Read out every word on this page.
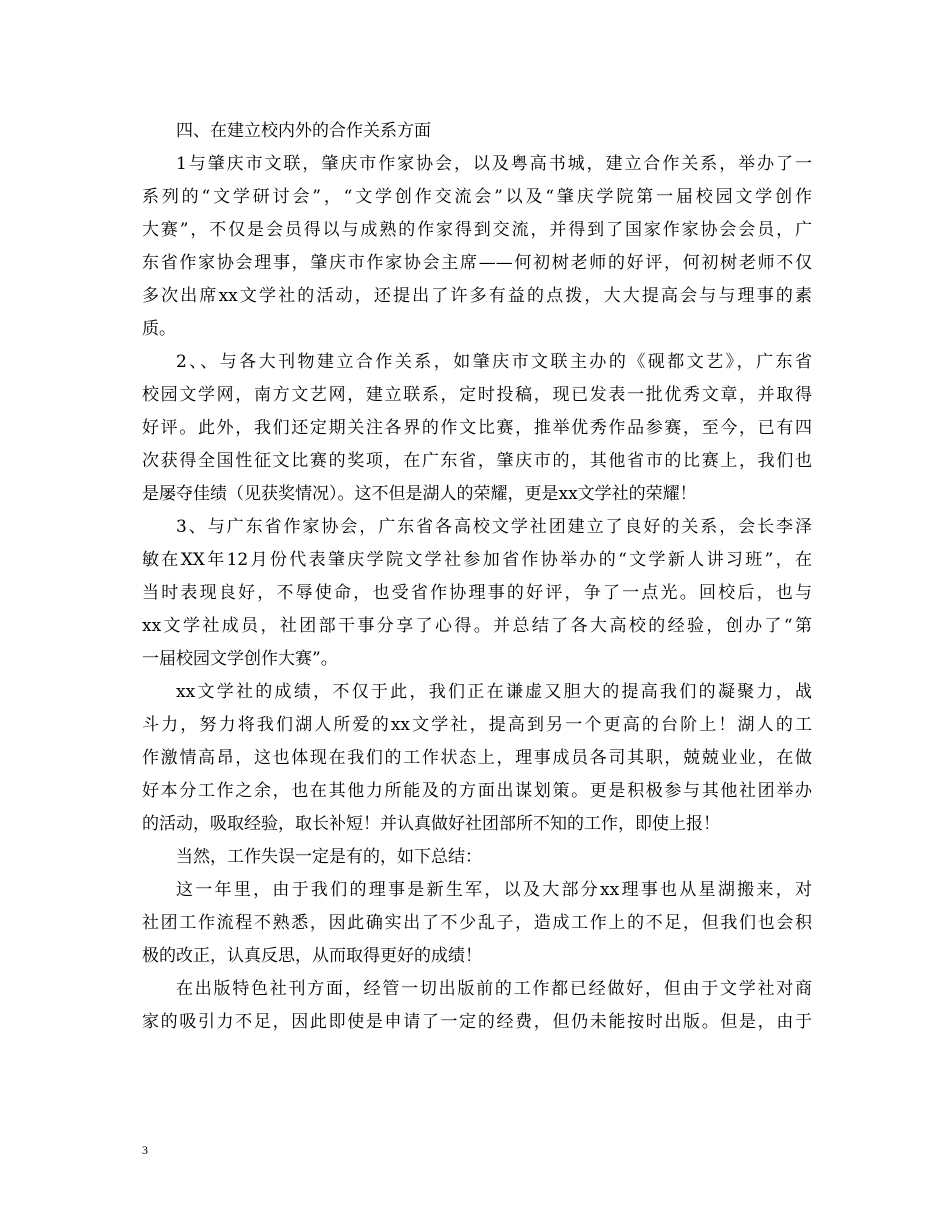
四、在建立校内外的合作关系方面
1与肇庆市文联，肇庆市作家协会，以及粤高书城，建立合作关系，举办了一
系列的“文学研讨会”，“文学创作交流会”以及“肇庆学院第一届校园文学创作
大赛”，不仅是会员得以与成熟的作家得到交流，并得到了国家作家协会会员，广
东省作家协会理事，肇庆市作家协会主席——何初树老师的好评，何初树老师不仅
多次出席xx文学社的活动，还提出了许多有益的点拨，大大提高会与与理事的素
质。
2、、与各大刊物建立合作关系，如肇庆市文联主办的《砚都文艺》，广东省
校园文学网，南方文艺网，建立联系，定时投稿，现已发表一批优秀文章，并取得
好评。此外，我们还定期关注各界的作文比赛，推举优秀作品参赛，至今，已有四
次获得全国性征文比赛的奖项，在广东省，肇庆市的，其他省市的比赛上，我们也
是屡夺佳绩（见获奖情况）。这不但是湖人的荣耀，更是xx文学社的荣耀！
3、与广东省作家协会，广东省各高校文学社团建立了良好的关系，会长李泽
敏在XX年12月份代表肇庆学院文学社参加省作协举办的“文学新人讲习班”，在
当时表现良好，不辱使命，也受省作协理事的好评，争了一点光。回校后，也与
xx文学社成员，社团部干事分享了心得。并总结了各大高校的经验，创办了“第
一届校园文学创作大赛”。
xx文学社的成绩，不仅于此，我们正在谦虚又胆大的提高我们的凝聚力，战
斗力，努力将我们湖人所爱的xx文学社，提高到另一个更高的台阶上！湖人的工
作激情高昂，这也体现在我们的工作状态上，理事成员各司其职，兢兢业业，在做
好本分工作之余，也在其他力所能及的方面出谋划策。更是积极参与其他社团举办
的活动，吸取经验，取长补短！并认真做好社团部所不知的工作，即使上报！
当然，工作失误一定是有的，如下总结：
这一年里，由于我们的理事是新生军，以及大部分xx理事也从星湖搬来，对
社团工作流程不熟悉，因此确实出了不少乱子，造成工作上的不足，但我们也会积
极的改正，认真反思，从而取得更好的成绩！
在出版特色社刊方面，经管一切出版前的工作都已经做好，但由于文学社对商
家的吸引力不足，因此即使是申请了一定的经费，但仍未能按时出版。但是，由于
3
